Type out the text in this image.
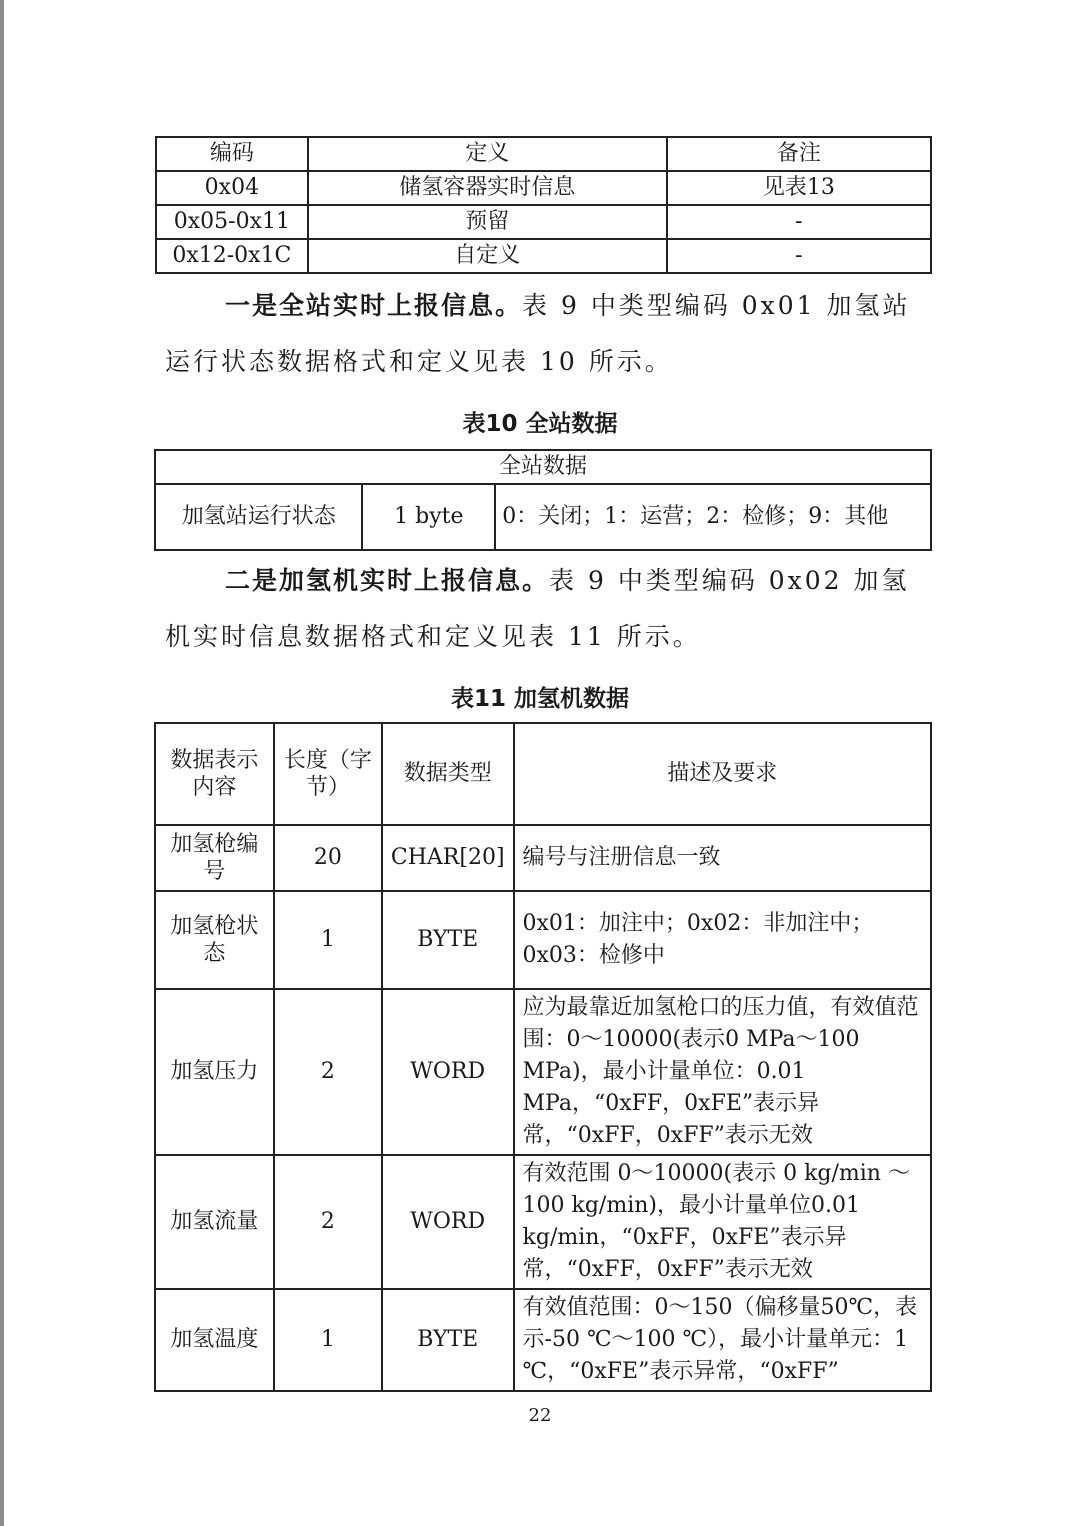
编码	定义	备注
0x04	储氢容器实时信息	见表13
0x05-0x11	预留	-
0x12-0x1C	自定义	-

一是全站实时上报信息。表 9 中类型编码 0x01 加氢站运行状态数据格式和定义见表 10 所示。

表10 全站数据
全站数据
加氢站运行状态	1 byte	0：关闭；1：运营；2：检修；9：其他

二是加氢机实时上报信息。表 9 中类型编码 0x02 加氢机实时信息数据格式和定义见表 11 所示。

表11 加氢机数据
数据表示内容	长度（字节）	数据类型	描述及要求
加氢枪编号	20	CHAR[20]	编号与注册信息一致
加氢枪状态	1	BYTE	0x01：加注中；0x02：非加注中；0x03：检修中
加氢压力	2	WORD	应为最靠近加氢枪口的压力值，有效值范围：0～10000(表示0 MPa～100 MPa)，最小计量单位：0.01 MPa，“0xFF，0xFE”表示异常，“0xFF，0xFF”表示无效
加氢流量	2	WORD	有效范围 0～10000(表示 0 kg/min ～100 kg/min)，最小计量单位0.01 kg/min，“0xFF，0xFE”表示异常，“0xFF，0xFF”表示无效
加氢温度	1	BYTE	有效值范围：0～150（偏移量50℃，表示-50 ℃～100 ℃），最小计量单元：1 ℃，“0xFE”表示异常，“0xFF”
22
